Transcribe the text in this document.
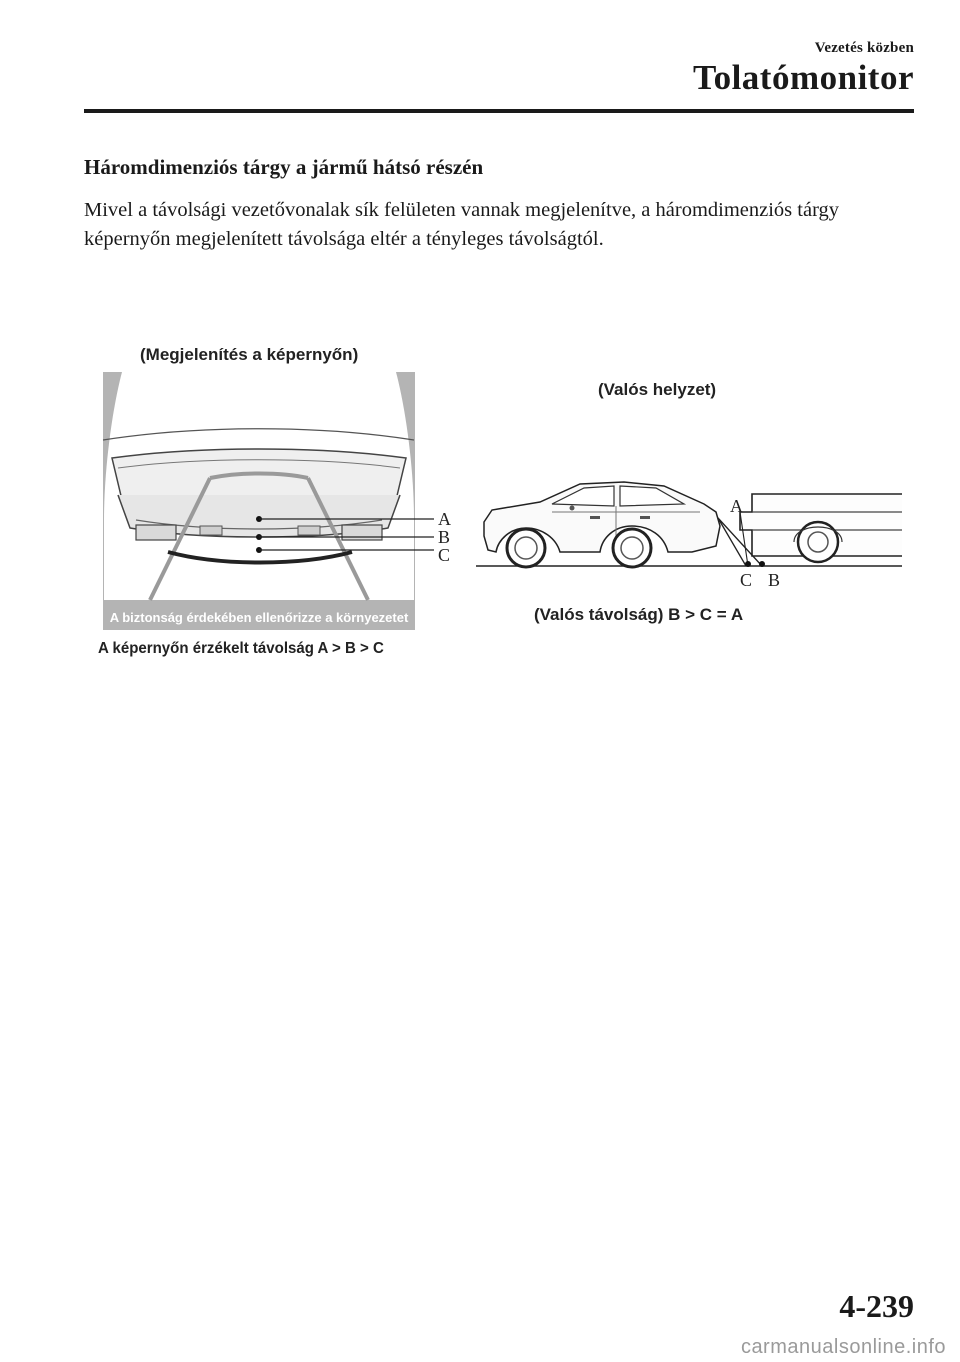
Vezetés közben
Tolatómonitor
Háromdimenziós tárgy a jármű hátsó részén

Mivel a távolsági vezetővonalak sík felületen vannak megjelenítve, a háromdimenziós tárgy képernyőn megjelenített távolsága eltér a tényleges távolságtól.

(Megjelenítés a képernyőn)
(Valós helyzet)
A biztonság érdekében ellenőrizze a környezetet
A
B
C
A
C B
A képernyőn érzékelt távolság A > B > C
(Valós távolság) B > C = A
4-239
carmanualsonline.info
